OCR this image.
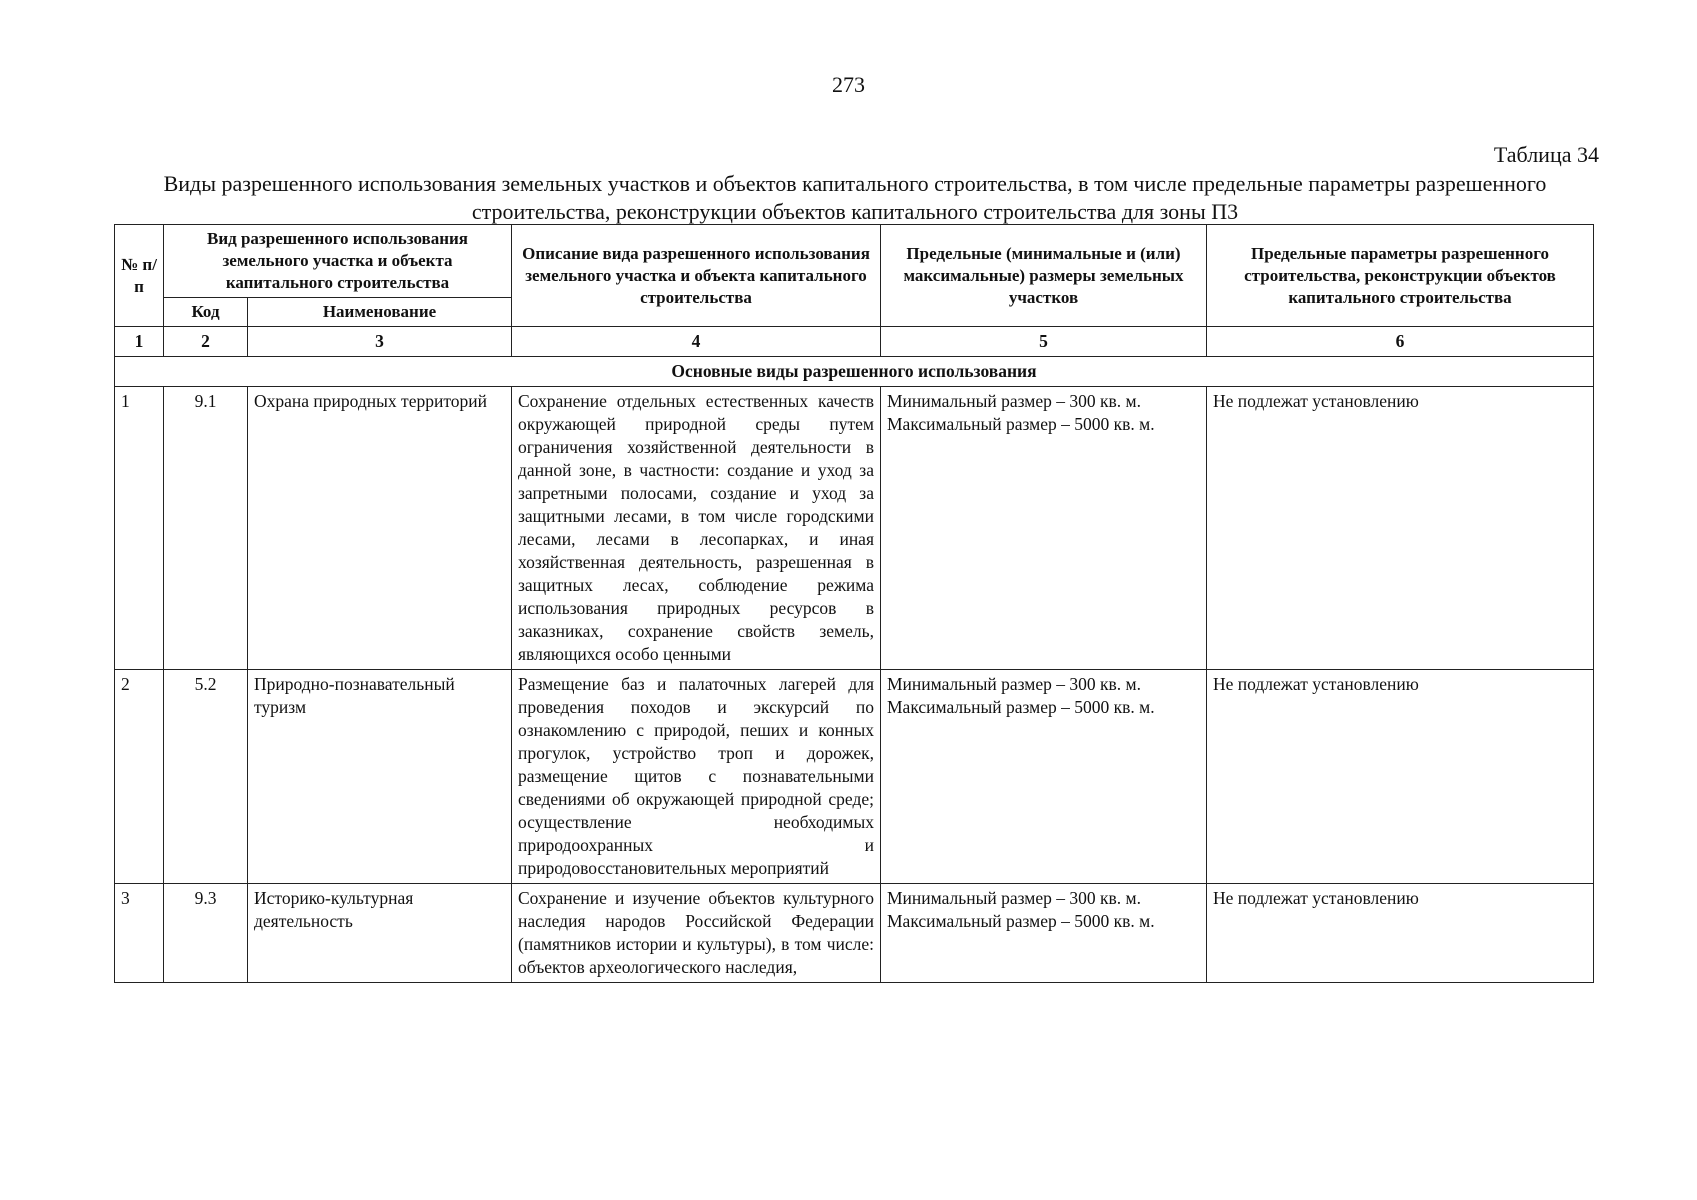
273
Таблица 34
Виды разрешенного использования земельных участков и объектов капитального строительства, в том числе предельные параметры разрешенного строительства, реконструкции объектов капитального строительства для зоны П3
№ п/п	Вид разрешенного использования земельного участка и объекта капитального строительства		Описание вида разрешенного использования земельного участка и объекта капитального строительства	Предельные (минимальные и (или) максимальные) размеры земельных участков	Предельные параметры разрешенного строительства, реконструкции объектов капитального строительства
	Код	Наименование			
1	2	3	4	5	6
Основные виды разрешенного использования					
1	9.1	Охрана природных территорий	Сохранение отдельных естественных качеств окружающей природной среды путем ограничения хозяйственной деятельности в данной зоне, в частности: создание и уход за запретными полосами, создание и уход за защитными лесами, в том числе городскими лесами, лесами в лесопарках, и иная хозяйственная деятельность, разрешенная в защитных лесах, соблюдение режима использования природных ресурсов в заказниках, сохранение свойств земель, являющихся особо ценными	Минимальный размер – 300 кв. м.
Максимальный размер – 5000 кв. м.	Не подлежат установлению
2	5.2	Природно-познавательный туризм	Размещение баз и палаточных лагерей для проведения походов и экскурсий по ознакомлению с природой, пеших и конных прогулок, устройство троп и дорожек, размещение щитов с познавательными сведениями об окружающей природной среде; осуществление необходимых природоохранных и природовосстановительных мероприятий	Минимальный размер – 300 кв. м.
Максимальный размер – 5000 кв. м.	Не подлежат установлению
3	9.3	Историко-культурная деятельность	Сохранение и изучение объектов культурного наследия народов Российской Федерации (памятников истории и культуры), в том числе: объектов археологического наследия,	Минимальный размер – 300 кв. м.
Максимальный размер – 5000 кв. м.	Не подлежат установлению
